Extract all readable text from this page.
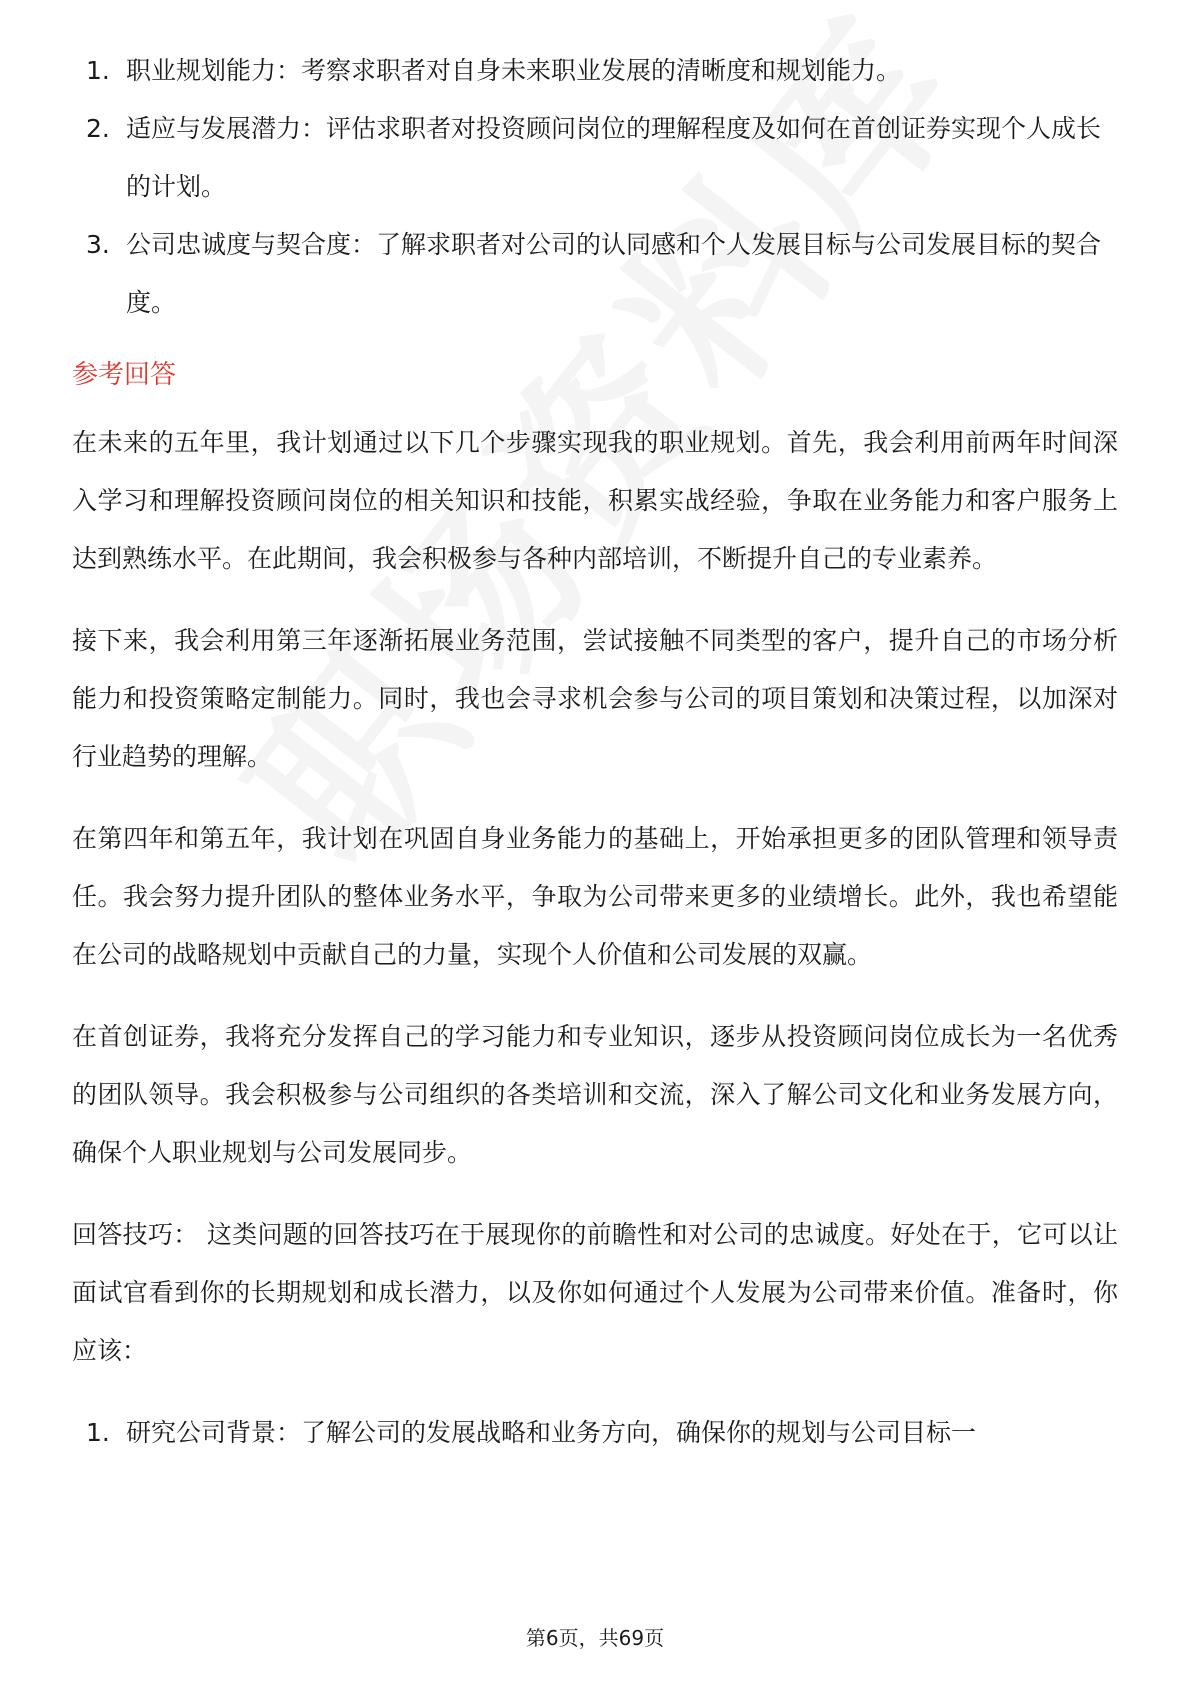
1. 职业规划能力：考察求职者对自身未来职业发展的清晰度和规划能力。
2. 适应与发展潜力：评估求职者对投资顾问岗位的理解程度及如何在首创证券实现个人成长的计划。
3. 公司忠诚度与契合度：了解求职者对公司的认同感和个人发展目标与公司发展目标的契合度。
参考回答

在未来的五年里，我计划通过以下几个步骤实现我的职业规划。首先，我会利用前两年时间深入学习和理解投资顾问岗位的相关知识和技能，积累实战经验，争取在业务能力和客户服务上达到熟练水平。在此期间，我会积极参与各种内部培训，不断提升自己的专业素养。

接下来，我会利用第三年逐渐拓展业务范围，尝试接触不同类型的客户，提升自己的市场分析能力和投资策略定制能力。同时，我也会寻求机会参与公司的项目策划和决策过程，以加深对行业趋势的理解。

在第四年和第五年，我计划在巩固自身业务能力的基础上，开始承担更多的团队管理和领导责任。我会努力提升团队的整体业务水平，争取为公司带来更多的业绩增长。此外，我也希望能在公司的战略规划中贡献自己的力量，实现个人价值和公司发展的双赢。

在首创证券，我将充分发挥自己的学习能力和专业知识，逐步从投资顾问岗位成长为一名优秀的团队领导。我会积极参与公司组织的各类培训和交流，深入了解公司文化和业务发展方向，确保个人职业规划与公司发展同步。

回答技巧： 这类问题的回答技巧在于展现你的前瞻性和对公司的忠诚度。好处在于，它可以让面试官看到你的长期规划和成长潜力，以及你如何通过个人发展为公司带来价值。准备时，你应该：

1. 研究公司背景：了解公司的发展战略和业务方向，确保你的规划与公司目标一
第6页，共69页
